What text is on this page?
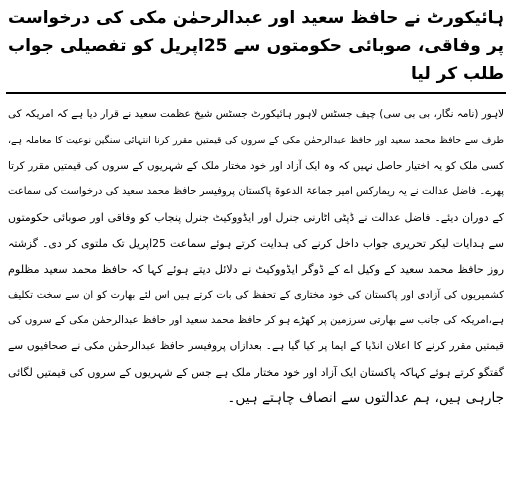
ہائیکورٹ نے حافظ سعید اور عبدالرحمٰن مکی کی درخواست پر وفاقی، صوبائی حکومتوں سے 25اپریل کو تفصیلی جواب طلب کر لیا
لاہور (نامہ نگار، بی بی سی) چیف جسٹس لاہور ہائیکورٹ جسٹس شیخ عظمت سعید نے قرار دیا ہے کہ امریکہ کی
طرف سے حافظ محمد سعید اور حافظ عبدالرحمٰن مکی کے سروں کی قیمتیں مقرر کرنا انتہائی سنگین نوعیت کا معاملہ ہے،
کسی ملک کو یہ اختیار حاصل نہیں کہ وہ ایک آزاد اور خود مختار ملک کے شہریوں کے سروں کی قیمتیں مقرر کرتا
پھرے۔ فاضل عدالت نے یہ ریمارکس امیر جماعۃ الدعوۃ پاکستان پروفیسر حافظ محمد سعید کی درخواست کی سماعت
کے دوران دیئے۔ فاضل عدالت نے ڈپٹی اٹارنی جنرل اور ایڈووکیٹ جنرل پنجاب کو وفاقی اور صوبائی حکومتوں
سے ہدایات لیکر تحریری جواب داخل کرنے کی ہدایت کرتے ہوئے سماعت 25اپریل تک ملتوی کر دی۔ گزشتہ
روز حافظ محمد سعید کے وکیل اے کے ڈوگر ایڈووکیٹ نے دلائل دیتے ہوئے کہا کہ حافظ محمد سعید مظلوم
کشمیریوں کی آزادی اور پاکستان کی خود مختاری کے تحفظ کی بات کرتے ہیں اس لئے بھارت کو ان سے سخت تکلیف
ہے،امریکہ کی جانب سے بھارتی سرزمین پر کھڑے ہو کر حافظ محمد سعید اور حافظ عبدالرحمٰن مکی کے سروں کی
قیمتیں مقرر کرنے کا اعلان انڈیا کے ایما پر کیا گیا ہے۔ بعدازاں پروفیسر حافظ عبدالرحمٰن مکی نے صحافیوں سے
گفتگو کرتے ہوئے کہاکہ پاکستان ایک آزاد اور خود مختار ملک ہے جس کے شہریوں کے سروں کی قیمتیں لگائی
جارہی ہیں، ہم عدالتوں سے انصاف چاہتے ہیں۔
